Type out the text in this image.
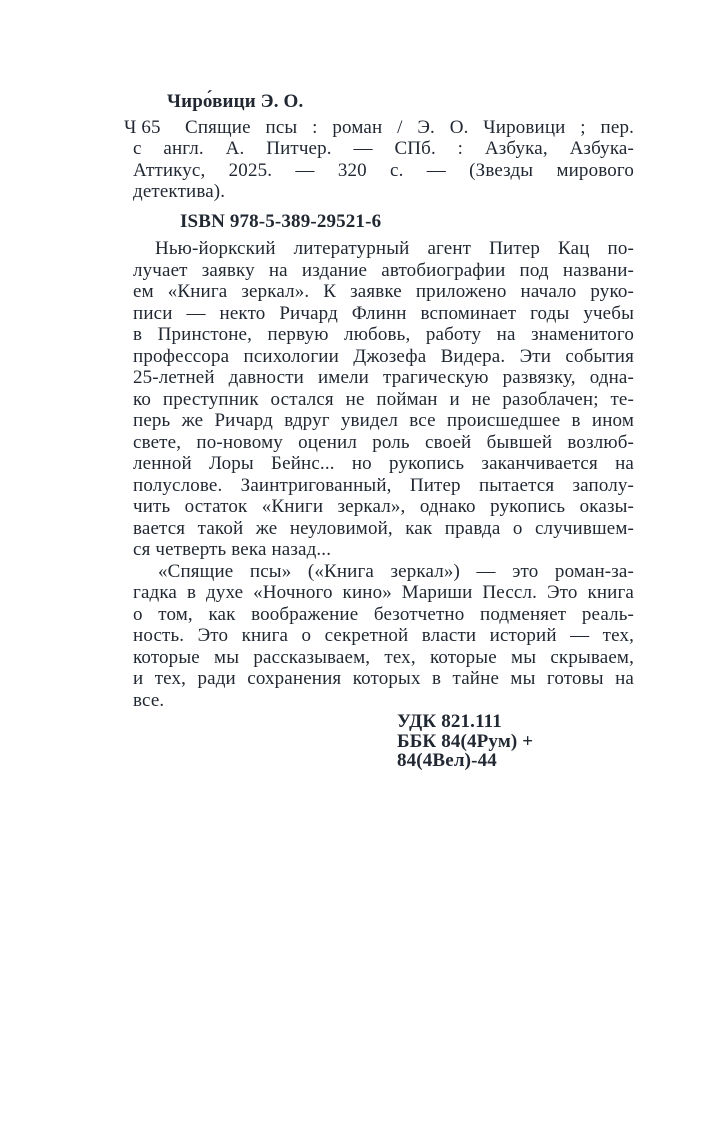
Чиро́вици Э. О.
Ч 65	Спящие псы : роман / Э. О. Чировици ; пер.
с англ. А. Питчер. — СПб. : Азбука, Азбука-
Аттикус, 2025. — 320 с. — (Звезды мирового
детектива).
ISBN 978-5-389-29521-6
Нью-йоркский литературный агент Питер Кац по-
лучает заявку на издание автобиографии под названи-
ем «Книга зеркал». К заявке приложено начало руко-
писи — некто Ричард Флинн вспоминает годы учебы
в Принстоне, первую любовь, работу на знаменитого
профессора психологии Джозефа Видера. Эти события
25-летней давности имели трагическую развязку, одна-
ко преступник остался не пойман и не разоблачен; те-
перь же Ричард вдруг увидел все происшедшее в ином
свете, по-новому оценил роль своей бывшей возлюб-
ленной Лоры Бейнс... но рукопись заканчивается на
полуслове. Заинтригованный, Питер пытается заполу-
чить остаток «Книги зеркал», однако рукопись оказы-
вается такой же неуловимой, как правда о случившем-
ся четверть века назад...
«Спящие псы» («Книга зеркал») — это роман-за-
гадка в духе «Ночного кино» Мариши Пессл. Это книга
о том, как воображение безотчетно подменяет реаль-
ность. Это книга о секретной власти историй — тех,
которые мы рассказываем, тех, которые мы скрываем,
и тех, ради сохранения которых в тайне мы готовы на
все.
УДК 821.111
ББК 84(4Рум) + 84(4Вел)-44
